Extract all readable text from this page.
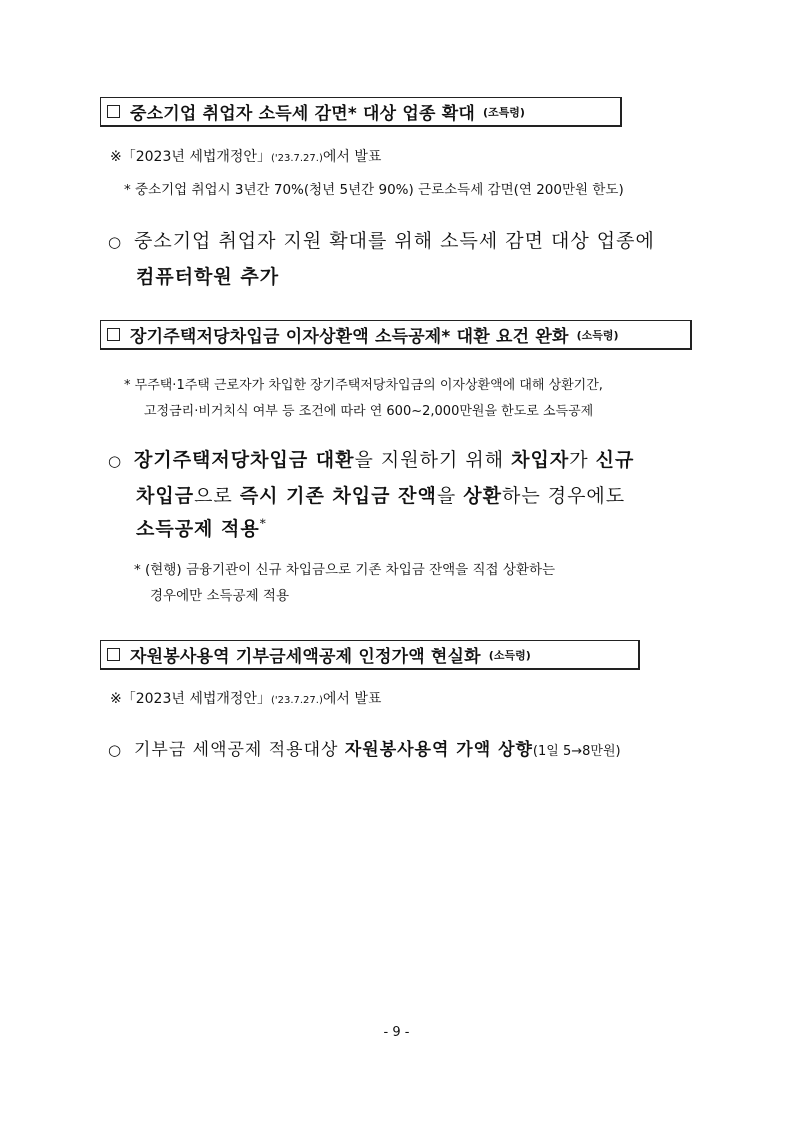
중소기업 취업자 소득세 감면* 대상 업종 확대 (조특령)
※「2023년 세법개정안」('23.7.27.)에서 발표
* 중소기업 취업시 3년간 70%(청년 5년간 90%) 근로소득세 감면(연 200만원 한도)
○ 중소기업 취업자 지원 확대를 위해 소득세 감면 대상 업종에
컴퓨터학원 추가
장기주택저당차입금 이자상환액 소득공제* 대환 요건 완화 (소득령)
* 무주택·1주택 근로자가 차입한 장기주택저당차입금의 이자상환액에 대해 상환기간,
고정금리·비거치식 여부 등 조건에 따라 연 600~2,000만원을 한도로 소득공제
○ 장기주택저당차입금 대환을 지원하기 위해 차입자가 신규
차입금으로 즉시 기존 차입금 잔액을 상환하는 경우에도
소득공제 적용*
* (현행) 금융기관이 신규 차입금으로 기존 차입금 잔액을 직접 상환하는
경우에만 소득공제 적용
자원봉사용역 기부금세액공제 인정가액 현실화 (소득령)
※「2023년 세법개정안」('23.7.27.)에서 발표
○ 기부금 세액공제 적용대상 자원봉사용역 가액 상향(1일 5→8만원)
- 9 -
